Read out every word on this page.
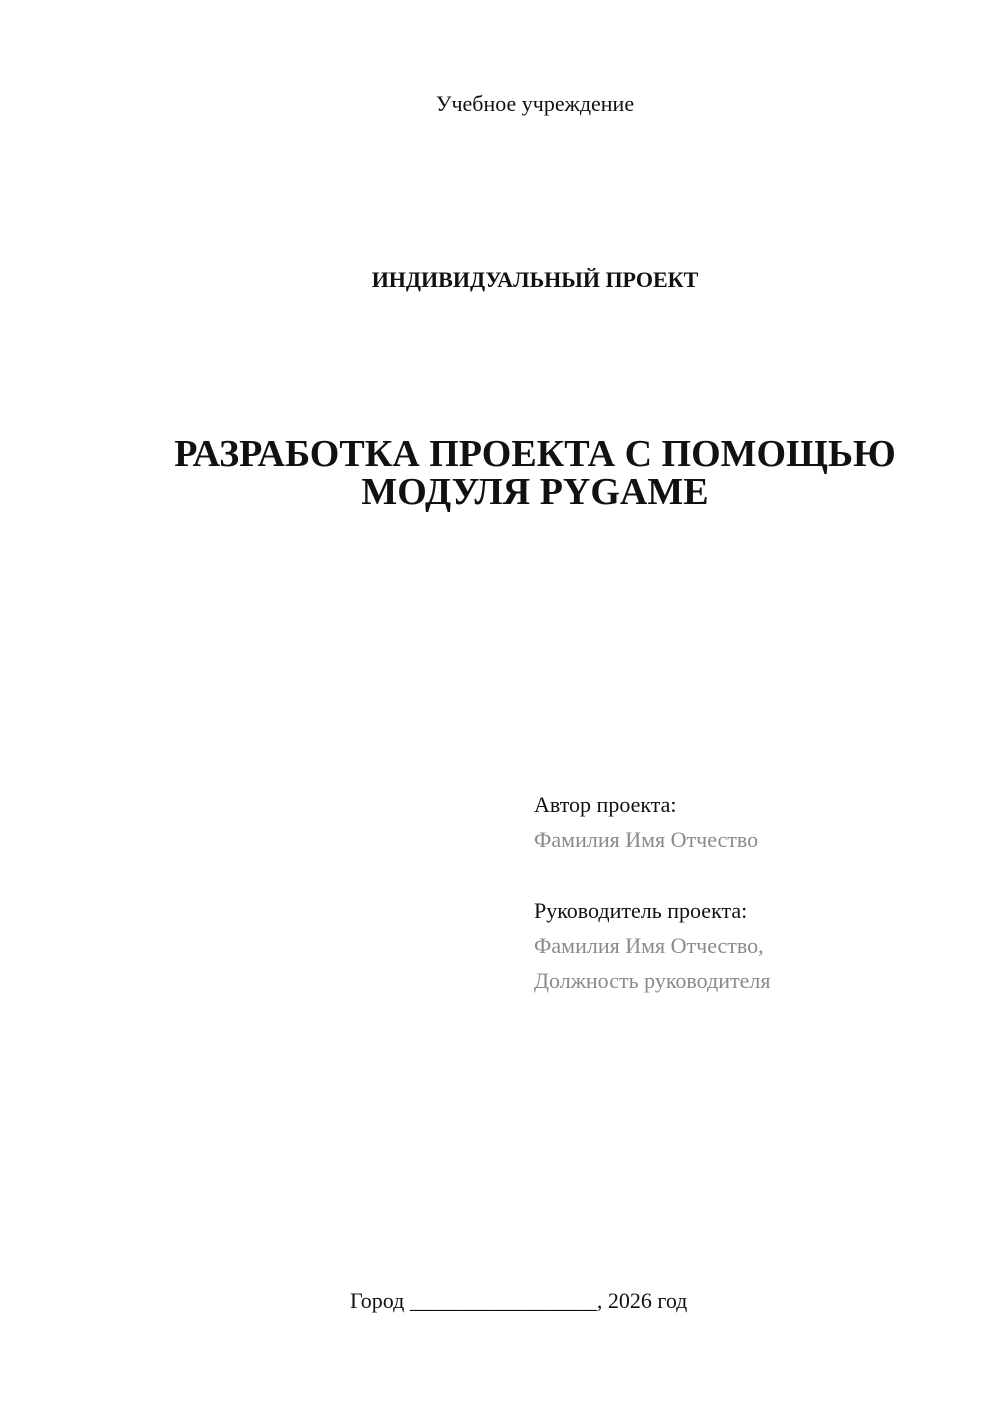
Учебное учреждение
ИНДИВИДУАЛЬНЫЙ ПРОЕКТ
РАЗРАБОТКА ПРОЕКТА С ПОМОЩЬЮ
МОДУЛЯ PYGAME
Автор проекта:
Фамилия Имя Отчество
Руководитель проекта:
Фамилия Имя Отчество,
Должность руководителя
Город _________________, 2026 год
